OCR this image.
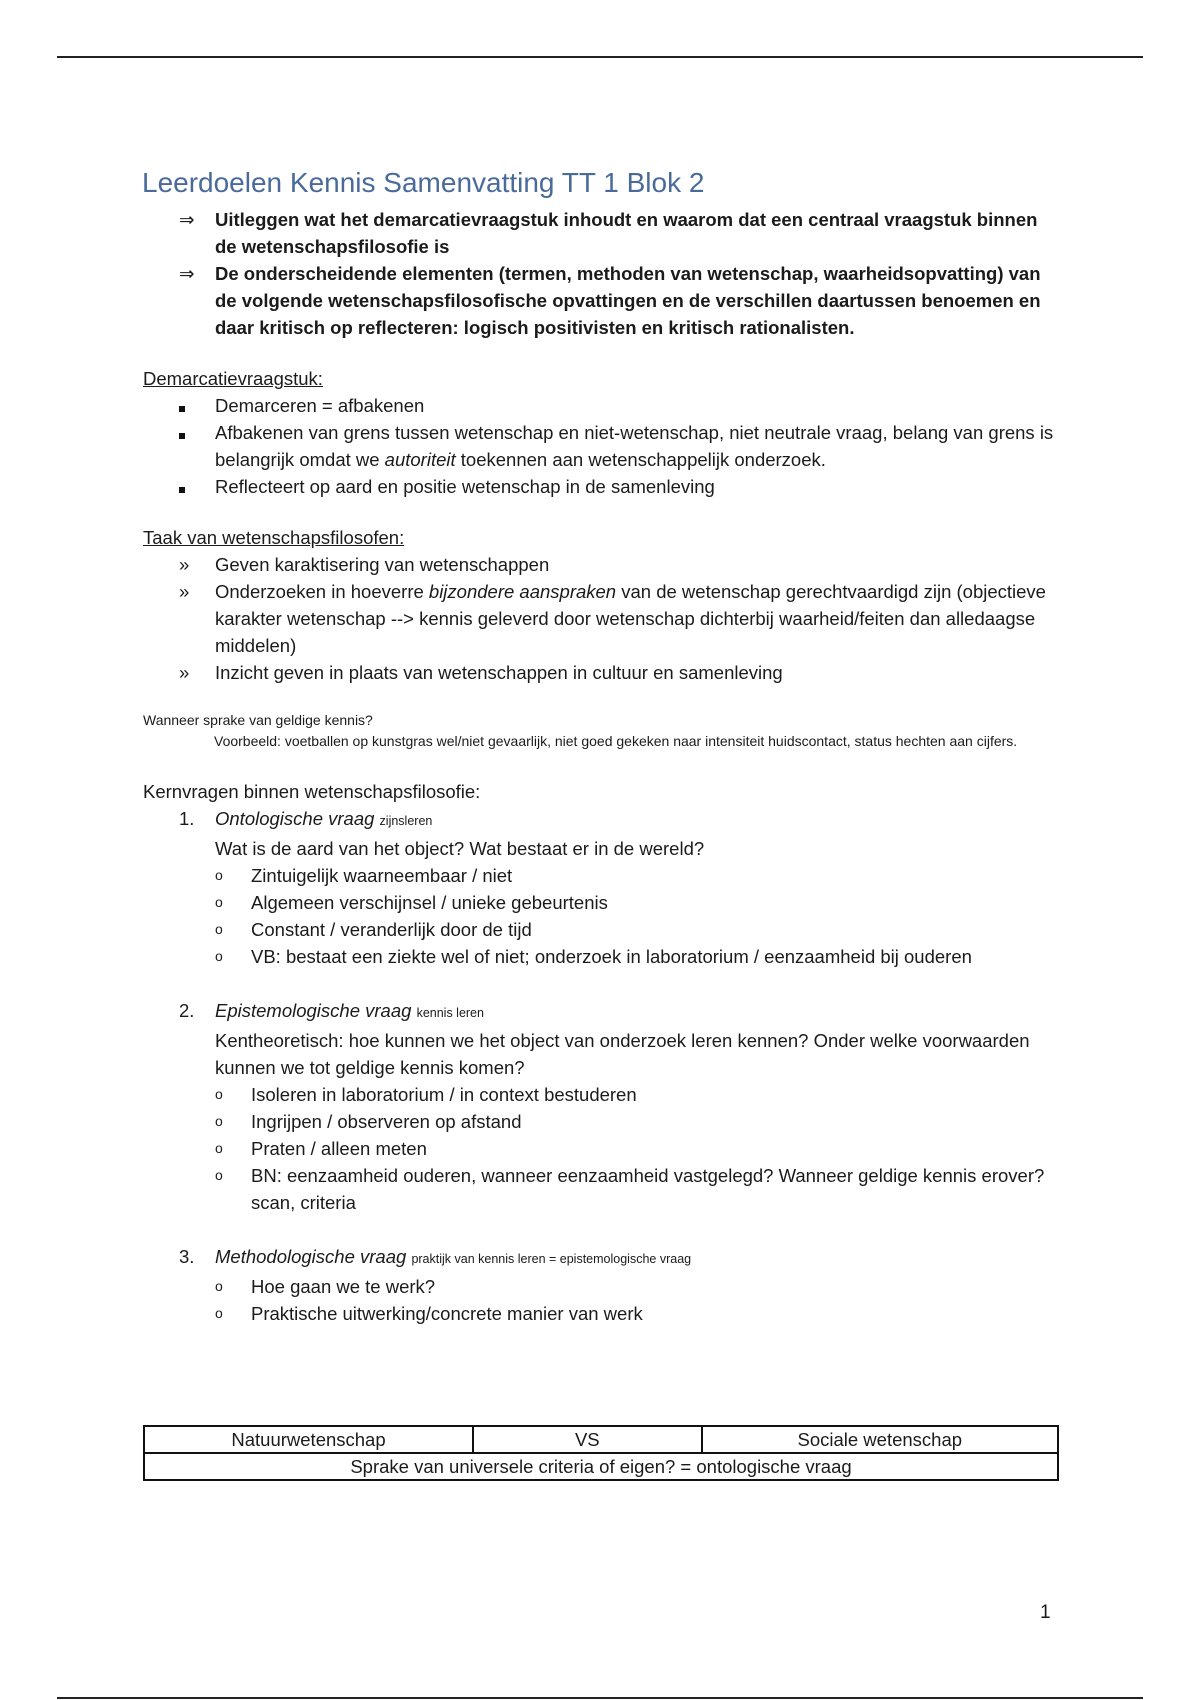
Leerdoelen Kennis Samenvatting TT 1 Blok 2
⇒	Uitleggen wat het demarcatievraagstuk inhoudt en waarom dat een centraal vraagstuk binnen de wetenschapsfilosofie is
⇒	De onderscheidende elementen (termen, methoden van wetenschap, waarheidsopvatting) van de volgende wetenschapsfilosofische opvattingen en de verschillen daartussen benoemen en daar kritisch op reflecteren: logisch positivisten en kritisch rationalisten.
Demarcatievraagstuk:
Demarceren = afbakenen
Afbakenen van grens tussen wetenschap en niet-wetenschap, niet neutrale vraag, belang van grens is belangrijk omdat we autoriteit toekennen aan wetenschappelijk onderzoek.
Reflecteert op aard en positie wetenschap in de samenleving
Taak van wetenschapsfilosofen:
»	Geven karaktisering van wetenschappen
»	Onderzoeken in hoeverre bijzondere aanspraken van de wetenschap gerechtvaardigd zijn (objectieve karakter wetenschap --> kennis geleverd door wetenschap dichterbij waarheid/feiten dan alledaagse middelen)
»	Inzicht geven in plaats van wetenschappen in cultuur en samenleving
Wanneer sprake van geldige kennis?
Voorbeeld: voetballen op kunstgras wel/niet gevaarlijk, niet goed gekeken naar intensiteit huidscontact, status hechten aan cijfers.
Kernvragen binnen wetenschapsfilosofie:
1.	Ontologische vraag zijnsleren
Wat is de aard van het object? Wat bestaat er in de wereld?
o	Zintuigelijk waarneembaar / niet
o	Algemeen verschijnsel / unieke gebeurtenis
o	Constant / veranderlijk door de tijd
o	VB: bestaat een ziekte wel of niet; onderzoek in laboratorium / eenzaamheid bij ouderen
2.	Epistemologische vraag kennis leren
Kentheoretisch: hoe kunnen we het object van onderzoek leren kennen? Onder welke voorwaarden kunnen we tot geldige kennis komen?
o	Isoleren in laboratorium / in context bestuderen
o	Ingrijpen / observeren op afstand
o	Praten / alleen meten
o	BN: eenzaamheid ouderen, wanneer eenzaamheid vastgelegd? Wanneer geldige kennis erover? scan, criteria
3.	Methodologische vraag praktijk van kennis leren = epistemologische vraag
o	Hoe gaan we te werk?
o	Praktische uitwerking/concrete manier van werk
Natuurwetenschap	VS	Sociale wetenschap
Sprake van universele criteria of eigen? = ontologische vraag
1
